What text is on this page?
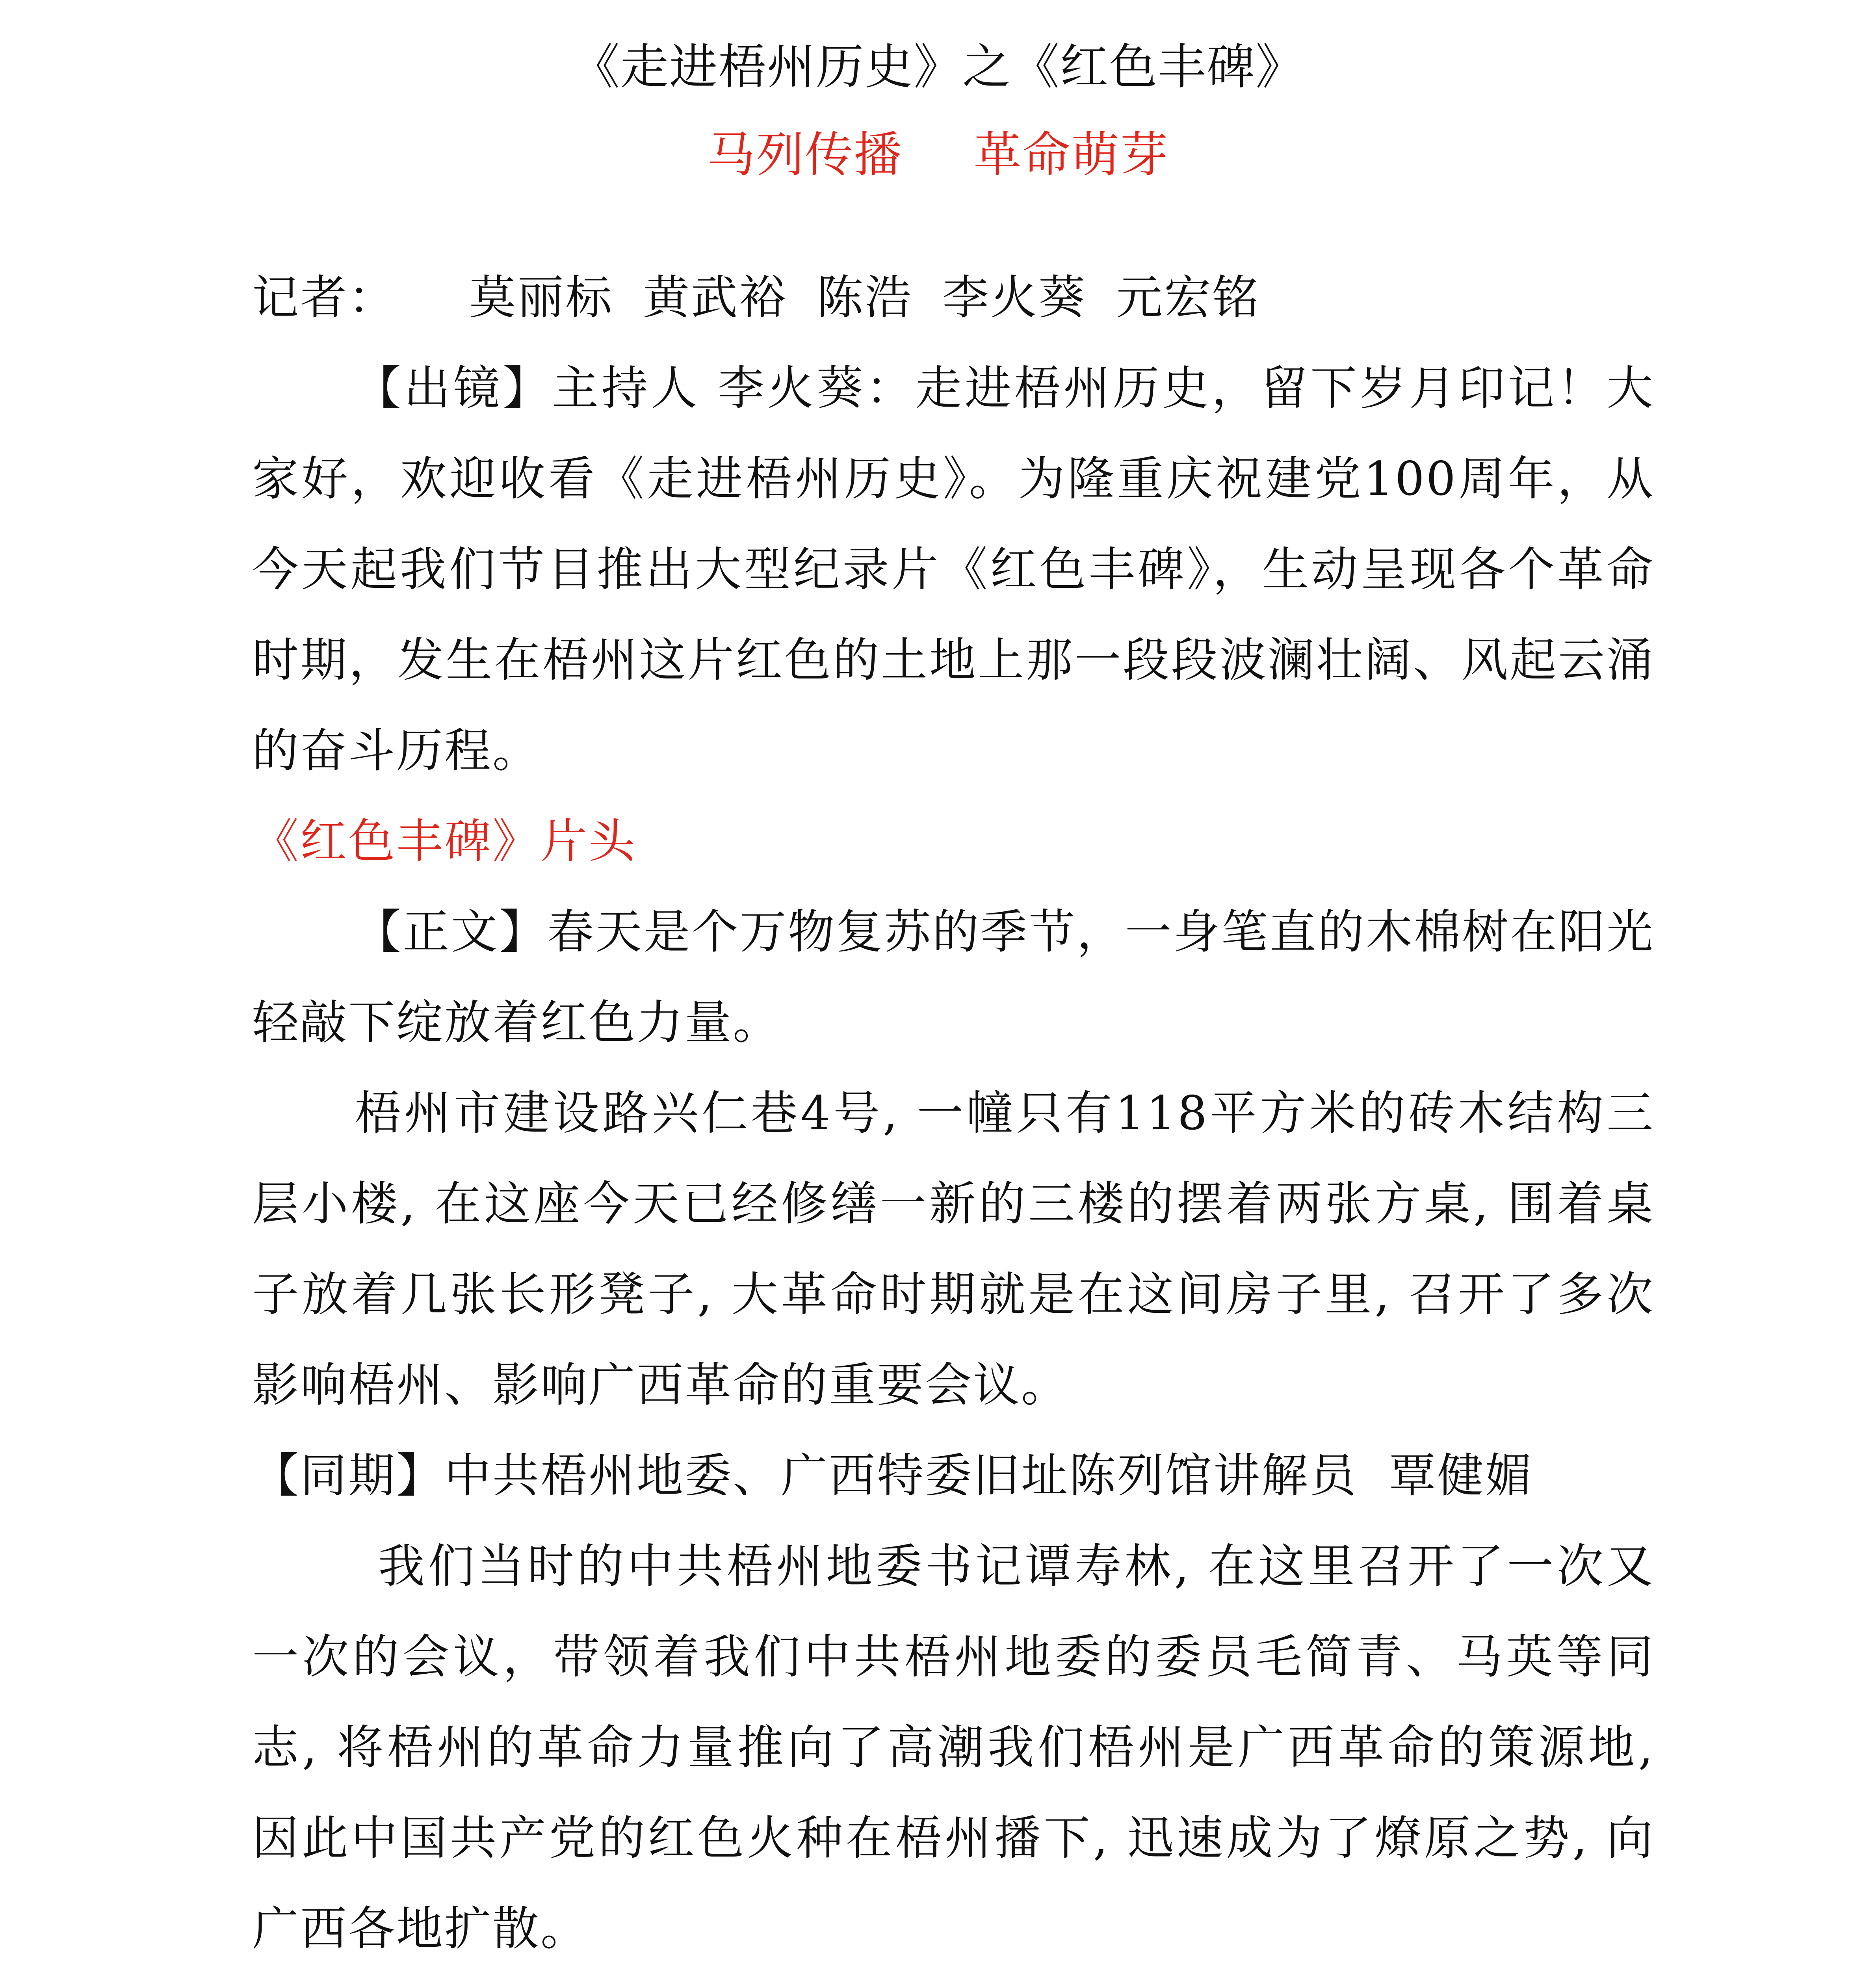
《走进梧州历史》之《红色丰碑》
马列传播 革命萌芽

记者： 莫丽标 黄武裕 陈浩 李火葵 元宏铭

【出镜】主持人 李火葵：走进梧州历史，留下岁月印记！大家好，欢迎收看《走进梧州历史》。为隆重庆祝建党100周年，从今天起我们节目推出大型纪录片《红色丰碑》，生动呈现各个革命时期，发生在梧州这片红色的土地上那一段段波澜壮阔、风起云涌的奋斗历程。

《红色丰碑》片头

【正文】春天是个万物复苏的季节，一身笔直的木棉树在阳光轻敲下绽放着红色力量。

梧州市建设路兴仁巷4号, 一幢只有118平方米的砖木结构三层小楼, 在这座今天已经修缮一新的三楼的摆着两张方桌, 围着桌子放着几张长形凳子, 大革命时期就是在这间房子里, 召开了多次影响梧州、影响广西革命的重要会议。

【同期】中共梧州地委、广西特委旧址陈列馆讲解员 覃健媚

我们当时的中共梧州地委书记谭寿林, 在这里召开了一次又一次的会议，带领着我们中共梧州地委的委员毛简青、马英等同志, 将梧州的革命力量推向了高潮我们梧州是广西革命的策源地, 因此中国共产党的红色火种在梧州播下, 迅速成为了燎原之势, 向广西各地扩散。
